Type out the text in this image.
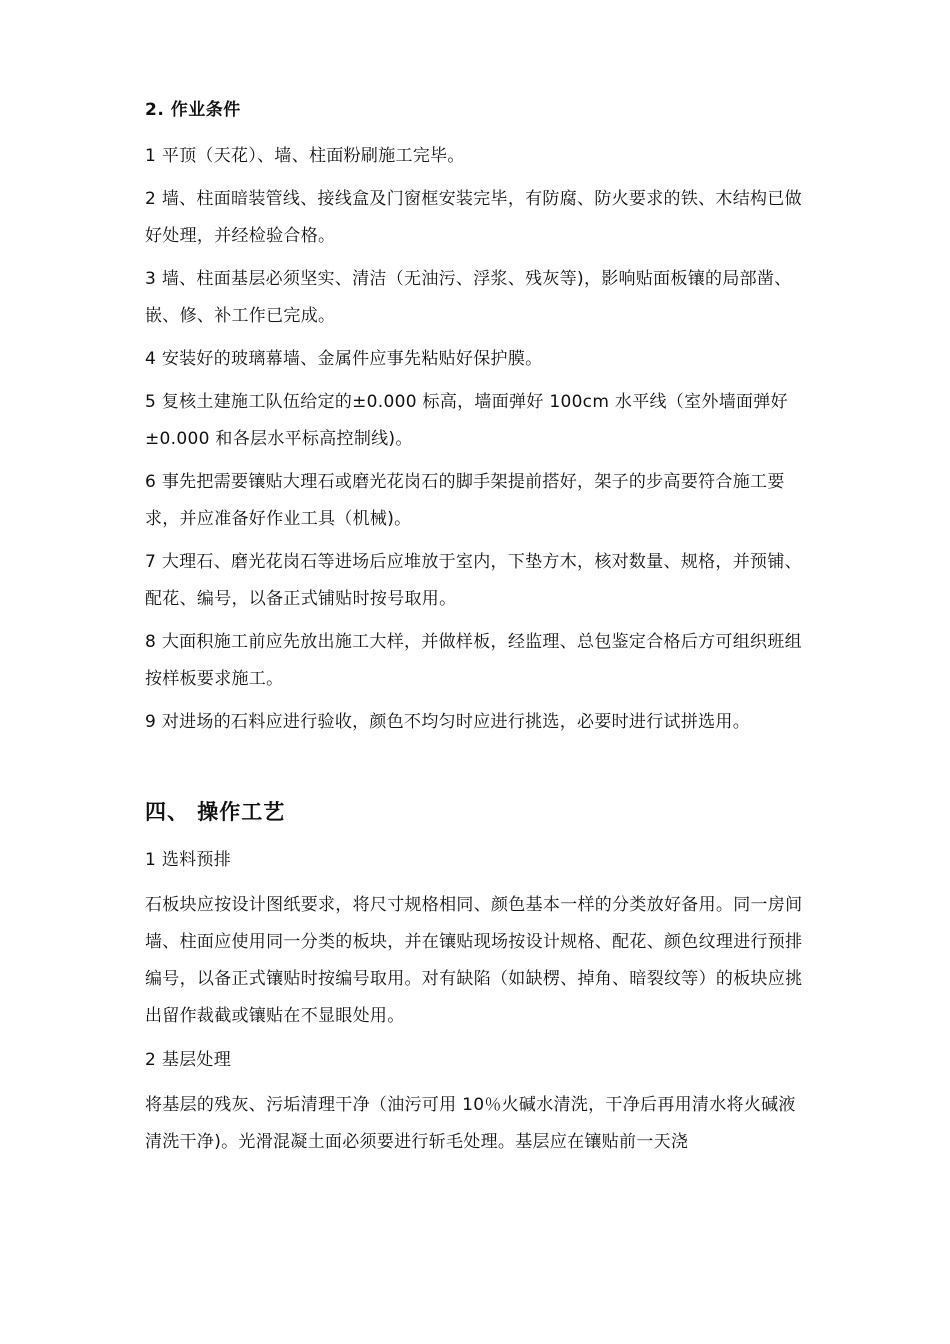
2. 作业条件

1 平顶（天花）、墙、柱面粉刷施工完毕。

2 墙、柱面暗装管线、接线盒及门窗框安装完毕，有防腐、防火要求的铁、木结构已做好处理，并经检验合格。

3 墙、柱面基层必须坚实、清洁（无油污、浮浆、残灰等)，影响贴面板镶的局部凿、嵌、修、补工作已完成。

4 安装好的玻璃幕墙、金属件应事先粘贴好保护膜。

5 复核土建施工队伍给定的±0.000 标高，墙面弹好 100cm 水平线（室外墙面弹好±0.000 和各层水平标高控制线)。

6 事先把需要镶贴大理石或磨光花岗石的脚手架提前搭好，架子的步高要符合施工要求，并应准备好作业工具（机械)。

7 大理石、磨光花岗石等进场后应堆放于室内，下垫方木，核对数量、规格，并预铺、配花、编号，以备正式铺贴时按号取用。

8 大面积施工前应先放出施工大样，并做样板，经监理、总包鉴定合格后方可组织班组按样板要求施工。

9 对进场的石料应进行验收，颜色不均匀时应进行挑选，必要时进行试拼选用。

四、 操作工艺
1 选料预排

石板块应按设计图纸要求，将尺寸规格相同、颜色基本一样的分类放好备用。同一房间墙、柱面应使用同一分类的板块，并在镶贴现场按设计规格、配花、颜色纹理进行预排编号，以备正式镶贴时按编号取用。对有缺陷（如缺楞、掉角、暗裂纹等）的板块应挑出留作裁截或镶贴在不显眼处用。

2 基层处理

将基层的残灰、污垢清理干净（油污可用 10％火碱水清洗，干净后再用清水将火碱液清洗干净)。光滑混凝土面必须要进行斩毛处理。基层应在镶贴前一天浇
